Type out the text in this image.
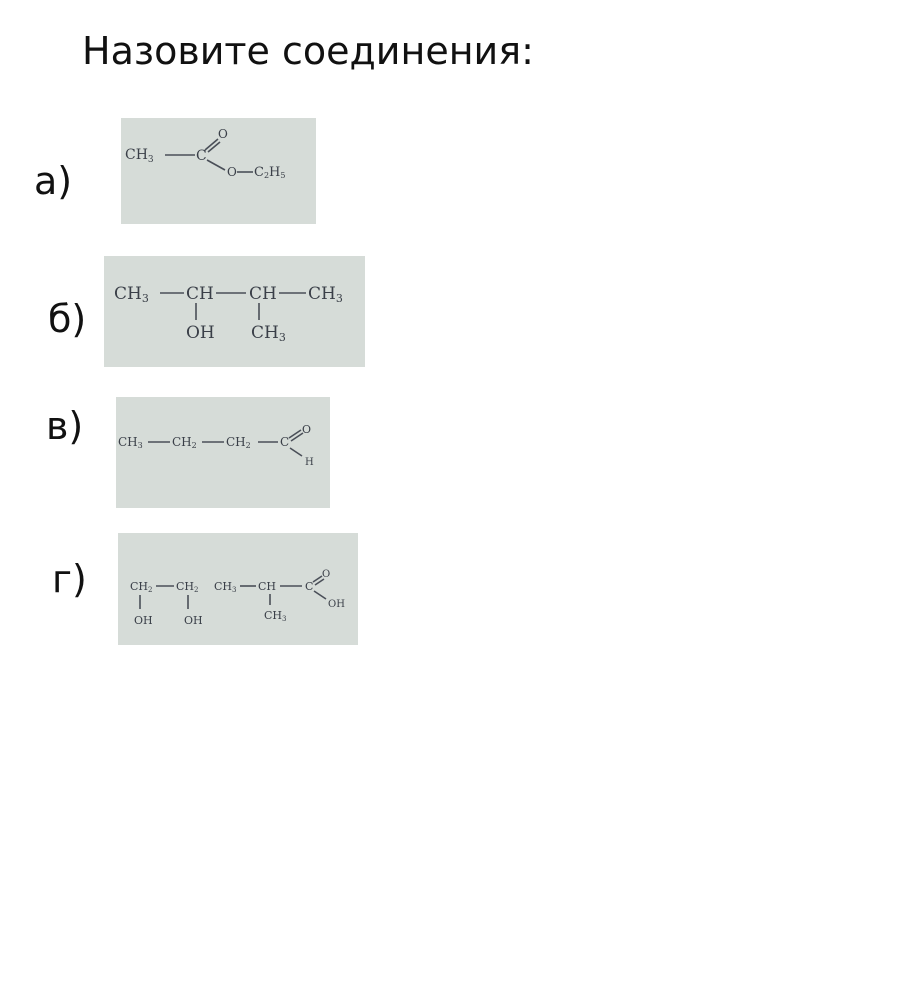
Назовите соединения:
а)
$CH_3$	C
O
O C2H5
б)
CH3 CH CH CH3
OH CH3
в)	CH3 CH2 CH2 C
O
H
г)	CH2 CH2
OH	OH
CH3 CH
CH3
C
O
OH
